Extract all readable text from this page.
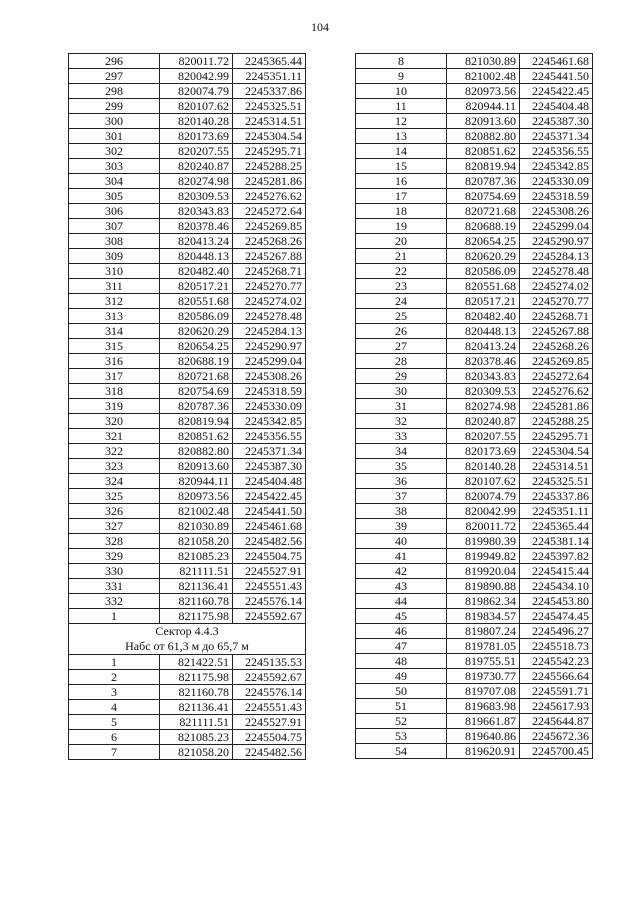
104
296	820011.72	2245365.44
297	820042.99	2245351.11
298	820074.79	2245337.86
299	820107.62	2245325.51
300	820140.28	2245314.51
301	820173.69	2245304.54
302	820207.55	2245295.71
303	820240.87	2245288.25
304	820274.98	2245281.86
305	820309.53	2245276.62
306	820343.83	2245272.64
307	820378.46	2245269.85
308	820413.24	2245268.26
309	820448.13	2245267.88
310	820482.40	2245268.71
311	820517.21	2245270.77
312	820551.68	2245274.02
313	820586.09	2245278.48
314	820620.29	2245284.13
315	820654.25	2245290.97
316	820688.19	2245299.04
317	820721.68	2245308.26
318	820754.69	2245318.59
319	820787.36	2245330.09
320	820819.94	2245342.85
321	820851.62	2245356.55
322	820882.80	2245371.34
323	820913.60	2245387.30
324	820944.11	2245404.48
325	820973.56	2245422.45
326	821002.48	2245441.50
327	821030.89	2245461.68
328	821058.20	2245482.56
329	821085.23	2245504.75
330	821111.51	2245527.91
331	821136.41	2245551.43
332	821160.78	2245576.14
1	821175.98	2245592.67

Сектор 4.4.3
Набс от 61,3 м до 65,7 м		

1	821422.51	2245135.53
2	821175.98	2245592.67
3	821160.78	2245576.14
4	821136.41	2245551.43
5	821111.51	2245527.91
6	821085.23	2245504.75
7	821058.20	2245482.56
8	821030.89	2245461.68
9	821002.48	2245441.50
10	820973.56	2245422.45
11	820944.11	2245404.48
12	820913.60	2245387.30
13	820882.80	2245371.34
14	820851.62	2245356.55
15	820819.94	2245342.85
16	820787.36	2245330.09
17	820754.69	2245318.59
18	820721.68	2245308.26
19	820688.19	2245299.04
20	820654.25	2245290.97
21	820620.29	2245284.13
22	820586.09	2245278.48
23	820551.68	2245274.02
24	820517.21	2245270.77
25	820482.40	2245268.71
26	820448.13	2245267.88
27	820413.24	2245268.26
28	820378.46	2245269.85
29	820343.83	2245272.64
30	820309.53	2245276.62
31	820274.98	2245281.86
32	820240.87	2245288.25
33	820207.55	2245295.71
34	820173.69	2245304.54
35	820140.28	2245314.51
36	820107.62	2245325.51
37	820074.79	2245337.86
38	820042.99	2245351.11
39	820011.72	2245365.44
40	819980.39	2245381.14
41	819949.82	2245397.82
42	819920.04	2245415.44
43	819890.88	2245434.10
44	819862.34	2245453.80
45	819834.57	2245474.45
46	819807.24	2245496.27
47	819781.05	2245518.73
48	819755.51	2245542.23
49	819730.77	2245566.64
50	819707.08	2245591.71
51	819683.98	2245617.93
52	819661.87	2245644.87
53	819640.86	2245672.36
54	819620.91	2245700.45
